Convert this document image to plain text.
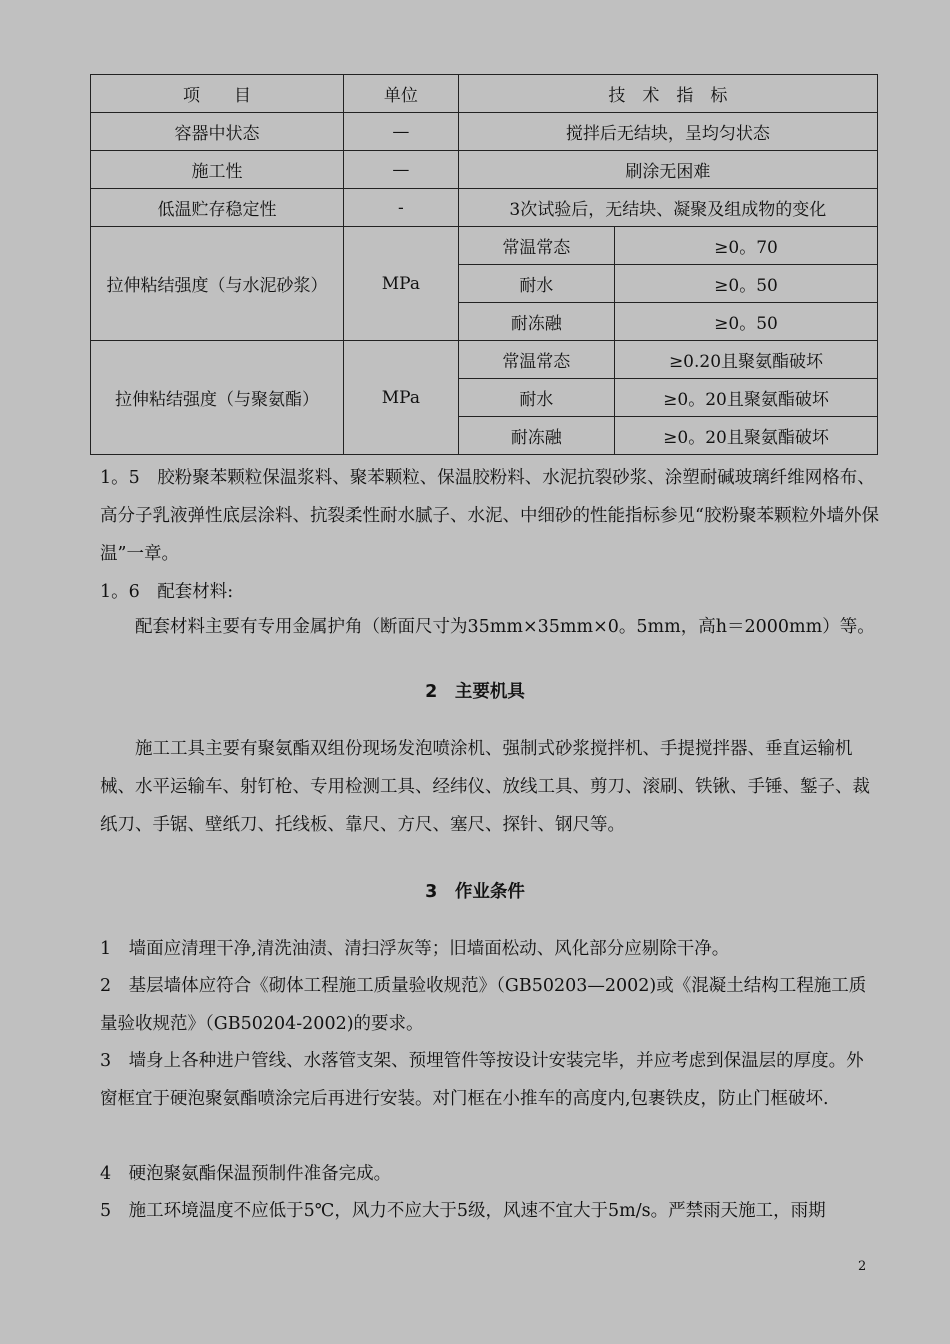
项　　目	单位	技　术　指　标	
容器中状态	—	搅拌后无结块，呈均匀状态	
施工性	—	刷涂无困难	
低温贮存稳定性	-	3次试验后，无结块、凝聚及组成物的变化	
拉伸粘结强度（与水泥砂浆）	MPa	常温常态	≥0。70
		耐水	≥0。50
		耐冻融	≥0。50
拉伸粘结强度（与聚氨酯）	MPa	常温常态	≥0.20且聚氨酯破坏
		耐水	≥0。20且聚氨酯破坏
		耐冻融	≥0。20且聚氨酯破坏

1。5　胶粉聚苯颗粒保温浆料、聚苯颗粒、保温胶粉料、水泥抗裂砂浆、涂塑耐碱玻璃纤维网格布、高分子乳液弹性底层涂料、抗裂柔性耐水腻子、水泥、中细砂的性能指标参见“胶粉聚苯颗粒外墙外保温”一章。

1。6　配套材料:

配套材料主要有专用金属护角（断面尺寸为35mm×35mm×0。5mm，高h＝2000mm）等。

2　主要机具

施工工具主要有聚氨酯双组份现场发泡喷涂机、强制式砂浆搅拌机、手提搅拌器、垂直运输机械、水平运输车、射钉枪、专用检测工具、经纬仪、放线工具、剪刀、滚刷、铁锹、手锤、錾子、裁纸刀、手锯、壁纸刀、托线板、靠尺、方尺、塞尺、探针、钢尺等。

3　作业条件

1　墙面应清理干净,清洗油渍、清扫浮灰等；旧墙面松动、风化部分应剔除干净。

2　基层墙体应符合《砌体工程施工质量验收规范》（GB50203—2002)或《混凝土结构工程施工质量验收规范》（GB50204-2002)的要求。

3　墙身上各种进户管线、水落管支架、预埋管件等按设计安装完毕，并应考虑到保温层的厚度。外窗框宜于硬泡聚氨酯喷涂完后再进行安装。对门框在小推车的高度内,包裹铁皮，防止门框破坏.

4　硬泡聚氨酯保温预制件准备完成。

5　施工环境温度不应低于5℃，风力不应大于5级，风速不宜大于5m/s。严禁雨天施工，雨期

2
